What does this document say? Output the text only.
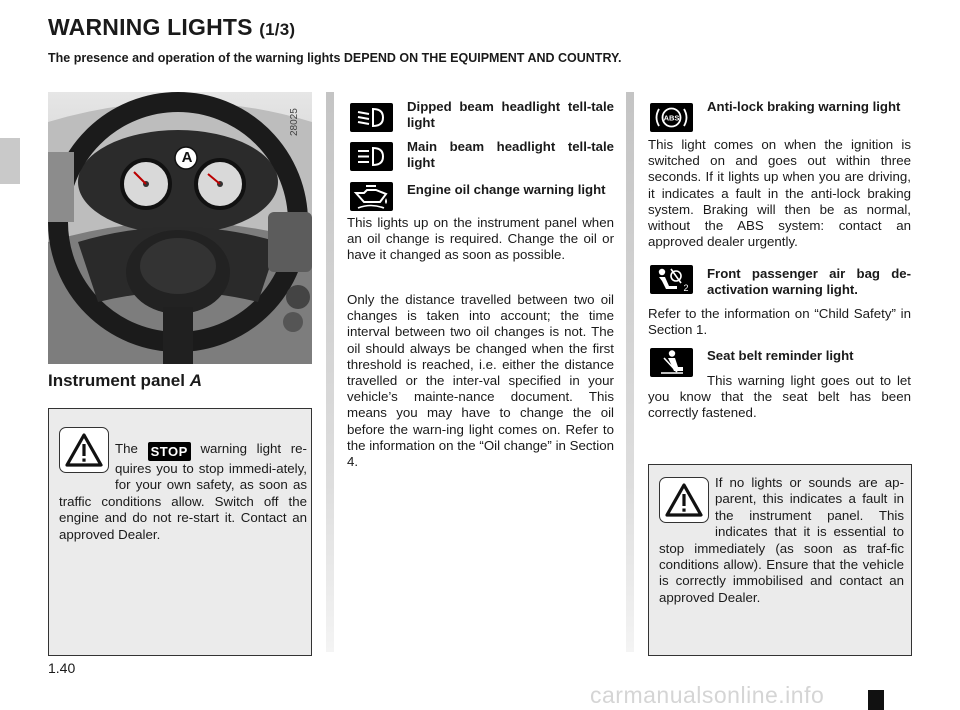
WARNING LIGHTS (1/3)
The presence and operation of the warning lights DEPEND ON THE EQUIPMENT AND COUNTRY.
A
28025
Instrument panel A
The STOP warning light re-quires you to stop immedi-ately, for your own safety, as soon as traffic conditions allow. Switch off the engine and do not re-start it. Contact an approved Dealer.
Dipped beam headlight tell-tale light
Main beam headlight tell-tale light
Engine oil change warning light
This lights up on the instrument panel when an oil change is required. Change the oil or have it changed as soon as possible.
Only the distance travelled between two oil changes is taken into account; the time interval between two oil changes is not. The oil should always be changed when the first threshold is reached, i.e. either the distance travelled or the inter-val specified in your vehicle’s mainte-nance document. This means you may have to change the oil before the warn-ing light comes on. Refer to the information on the “Oil change” in Section 4.
ABS
Anti-lock braking warning light
This light comes on when the ignition is switched on and goes out within three seconds. If it lights up when you are driving, it indicates a fault in the anti-lock braking system. Braking will then be as normal, without the ABS system: contact an approved dealer urgently.
2
Front passenger air bag de-activation warning light.
Refer to the information on “Child Safety” in Section 1.
Seat belt reminder light
This warning light goes out to let you know that the seat belt has been correctly fastened.
If no lights or sounds are ap-parent, this indicates a fault in the instrument panel. This indicates that it is essential to stop immediately (as soon as traf-fic conditions allow). Ensure that the vehicle is correctly immobilised and contact an approved Dealer.
1.40
carmanualsonline.info
